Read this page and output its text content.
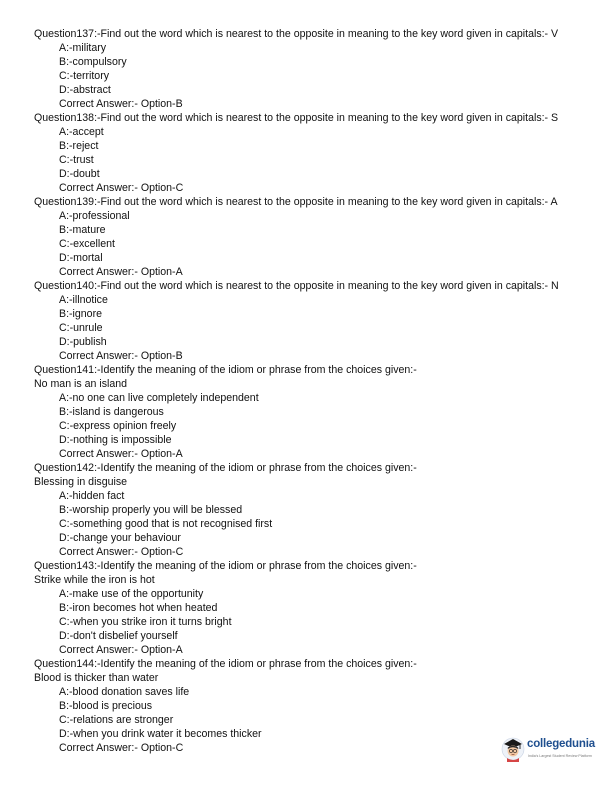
Question137:-Find out the word which is nearest to the opposite in meaning to the key word given in capitals:- V
A:-military
B:-compulsory
C:-territory
D:-abstract
Correct Answer:- Option-B
Question138:-Find out the word which is nearest to the opposite in meaning to the key word given in capitals:- S
A:-accept
B:-reject
C:-trust
D:-doubt
Correct Answer:- Option-C
Question139:-Find out the word which is nearest to the opposite in meaning to the key word given in capitals:- A
A:-professional
B:-mature
C:-excellent
D:-mortal
Correct Answer:- Option-A
Question140:-Find out the word which is nearest to the opposite in meaning to the key word given in capitals:- N
A:-illnotice
B:-ignore
C:-unrule
D:-publish
Correct Answer:- Option-B
Question141:-Identify the meaning of the idiom or phrase from the choices given:-
No man is an island
A:-no one can live completely independent
B:-island is dangerous
C:-express opinion freely
D:-nothing is impossible
Correct Answer:- Option-A
Question142:-Identify the meaning of the idiom or phrase from the choices given:-
Blessing in disguise
A:-hidden fact
B:-worship properly you will be blessed
C:-something good that is not recognised first
D:-change your behaviour
Correct Answer:- Option-C
Question143:-Identify the meaning of the idiom or phrase from the choices given:-
Strike while the iron is hot
A:-make use of the opportunity
B:-iron becomes hot when heated
C:-when you strike iron it turns bright
D:-don't disbelief yourself
Correct Answer:- Option-A
Question144:-Identify the meaning of the idiom or phrase from the choices given:-
Blood is thicker than water
A:-blood donation saves life
B:-blood is precious
C:-relations are stronger
D:-when you drink water it becomes thicker
Correct Answer:- Option-C	collegedunia
India's Largest Student Review Platform
